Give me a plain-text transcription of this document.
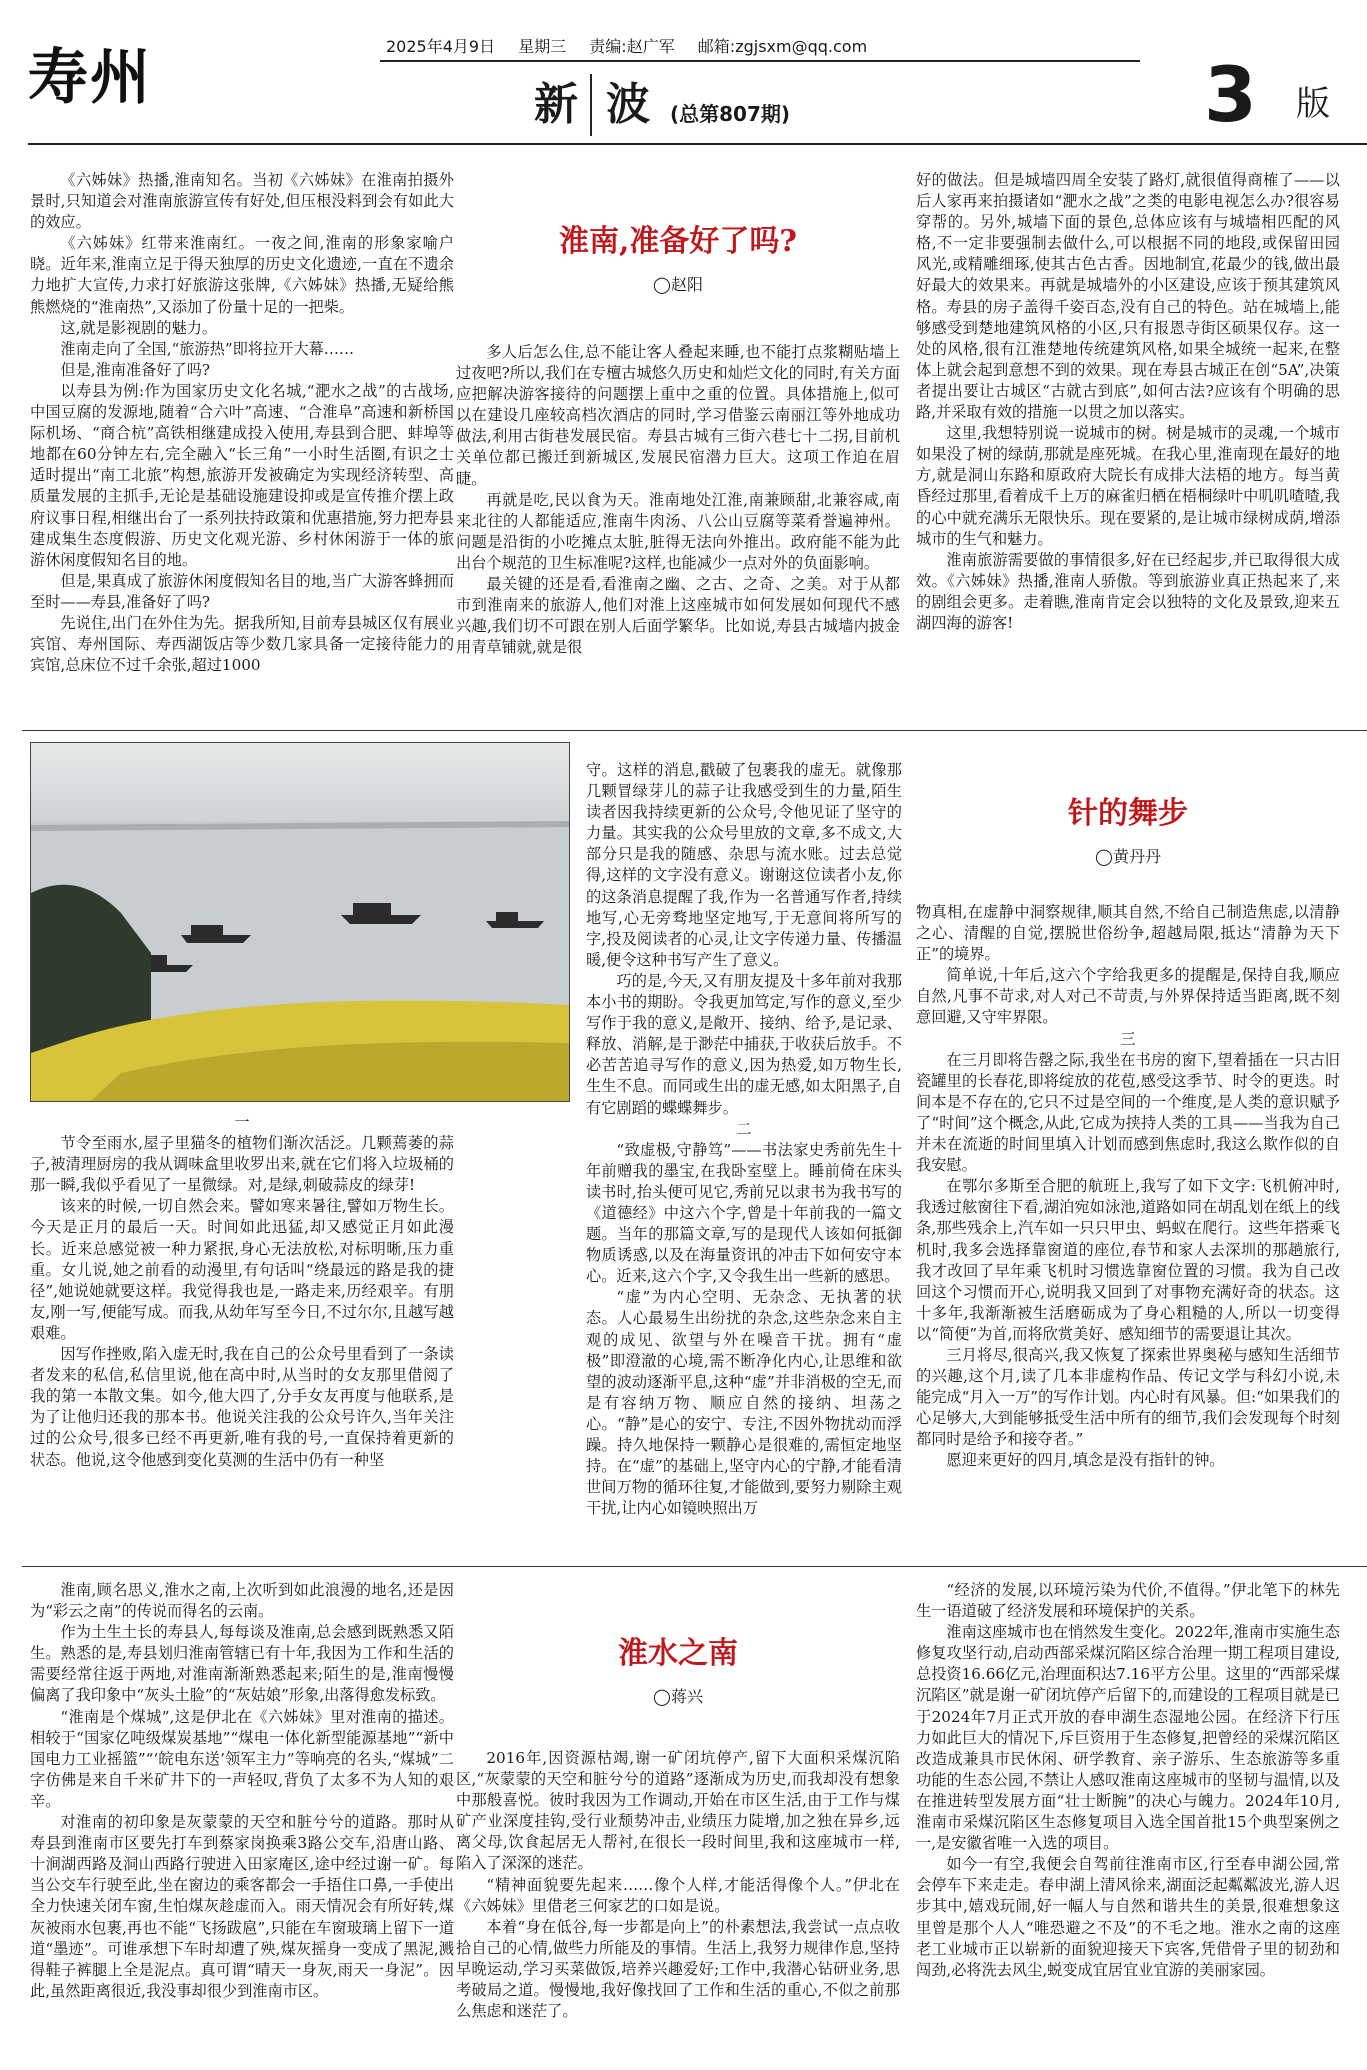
寿州	2025年4月9日 星期三 责编:赵广军 邮箱:zgjsxm@qq.com
新 波 (总第807期)	3 版

《六姊妹》热播,淮南知名。当初《六姊妹》在淮南拍摄外景时,只知道会对淮南旅游宣传有好处,但压根没料到会有如此大的效应。

《六姊妹》红带来淮南红。一夜之间,淮南的形象家喻户晓。近年来,淮南立足于得天独厚的历史文化遗迹,一直在不遗余力地扩大宣传,力求打好旅游这张牌,《六姊妹》热播,无疑给熊熊燃烧的“淮南热”,又添加了份量十足的一把柴。

这,就是影视剧的魅力。

淮南走向了全国,“旅游热”即将拉开大幕……

但是,淮南准备好了吗?

以寿县为例:作为国家历史文化名城,“淝水之战”的古战场,中国豆腐的发源地,随着“合六叶”高速、“合淮阜”高速和新桥国际机场、“商合杭”高铁相继建成投入使用,寿县到合肥、蚌埠等地都在60分钟左右,完全融入“长三角”一小时生活圈,有识之士适时提出“南工北旅”构想,旅游开发被确定为实现经济转型、高质量发展的主抓手,无论是基础设施建设抑或是宣传推介摆上政府议事日程,相继出台了一系列扶持政策和优惠措施,努力把寿县建成集生态度假游、历史文化观光游、乡村休闲游于一体的旅游休闲度假知名目的地。

但是,果真成了旅游休闲度假知名目的地,当广大游客蜂拥而至时——寿县,准备好了吗?

先说住,出门在外住为先。据我所知,目前寿县城区仅有展业宾馆、寿州国际、寿西湖饭店等少数几家具备一定接待能力的宾馆,总床位不过千余张,超过1000

淮南,准备好了吗?
◯赵阳

多人后怎么住,总不能让客人叠起来睡,也不能打点浆糊贴墙上过夜吧?所以,我们在专檀古城悠久历史和灿烂文化的同时,有关方面应把解决游客接待的问题摆上重中之重的位置。具体措施上,似可以在建设几座较高档次酒店的同时,学习借鉴云南丽江等外地成功做法,利用古街巷发展民宿。寿县古城有三街六巷七十二拐,目前机关单位都已搬迁到新城区,发展民宿潜力巨大。这项工作迫在眉睫。

再就是吃,民以食为天。淮南地处江淮,南兼顾甜,北兼容咸,南来北往的人都能适应,淮南牛肉汤、八公山豆腐等菜肴誉遍神州。问题是沿街的小吃摊点太脏,脏得无法向外推出。政府能不能为此出台个规范的卫生标准呢?这样,也能减少一点对外的负面影响。

最关键的还是看,看淮南之幽、之古、之奇、之美。对于从都市到淮南来的旅游人,他们对淮上这座城市如何发展如何现代不感兴趣,我们切不可跟在别人后面学繁华。比如说,寿县古城墙内披金用青草铺就,就是很

好的做法。但是城墙四周全安装了路灯,就很值得商榷了——以后人家再来拍摄诸如“淝水之战”之类的电影电视怎么办?很容易穿帮的。另外,城墙下面的景色,总体应该有与城墙相匹配的风格,不一定非要强制去做什么,可以根据不同的地段,或保留田园风光,或精雕细琢,使其古色古香。因地制宜,花最少的钱,做出最好最大的效果来。再就是城墙外的小区建设,应该于预其建筑风格。寿县的房子盖得千姿百态,没有自己的特色。站在城墙上,能够感受到楚地建筑风格的小区,只有报恩寺街区硕果仅存。这一处的风格,很有江淮楚地传统建筑风格,如果全城统一起来,在整体上就会起到意想不到的效果。现在寿县古城正在创“5A”,决策者提出要让古城区“古就古到底”,如何古法?应该有个明确的思路,并采取有效的措施一以贯之加以落实。

这里,我想特别说一说城市的树。树是城市的灵魂,一个城市如果没了树的绿荫,那就是座死城。在我心里,淮南现在最好的地方,就是洞山东路和原政府大院长有成排大法梧的地方。每当黄昏经过那里,看着成千上万的麻雀归栖在梧桐绿叶中叽叽喳喳,我的心中就充满乐无限快乐。现在要紧的,是让城市绿树成荫,增添城市的生气和魅力。

淮南旅游需要做的事情很多,好在已经起步,并已取得很大成效。《六姊妹》热播,淮南人骄傲。等到旅游业真正热起来了,来的剧组会更多。走着瞧,淮南肯定会以独特的文化及景致,迎来五湖四海的游客!

一

节令至雨水,屋子里猫冬的植物们渐次活泛。几颗蔫萎的蒜子,被清理厨房的我从调味盒里收罗出来,就在它们将入垃圾桶的那一瞬,我似乎看见了一星微绿。对,是绿,刺破蒜皮的绿芽!

该来的时候,一切自然会来。譬如寒来暑往,譬如万物生长。今天是正月的最后一天。时间如此迅猛,却又感觉正月如此漫长。近来总感觉被一种力紧抿,身心无法放松,对标明晰,压力重重。女儿说,她之前看的动漫里,有句话叫“绕最远的路是我的捷径”,她说她就要这样。我觉得我也是,一路走来,历经艰辛。有朋友,刚一写,便能写成。而我,从幼年写至今日,不过尔尔,且越写越艰难。

因写作挫败,陷入虚无时,我在自己的公众号里看到了一条读者发来的私信,私信里说,他在高中时,从当时的女友那里借阅了我的第一本散文集。如今,他大四了,分手女友再度与他联系,是为了让他归还我的那本书。他说关注我的公众号许久,当年关注过的公众号,很多已经不再更新,唯有我的号,一直保持着更新的状态。他说,这令他感到变化莫测的生活中仍有一种坚

守。这样的消息,戳破了包裹我的虚无。就像那几颗冒绿芽儿的蒜子让我感受到生的力量,陌生读者因我持续更新的公众号,令他见证了坚守的力量。其实我的公众号里放的文章,多不成文,大部分只是我的随感、杂思与流水账。过去总觉得,这样的文字没有意义。谢谢这位读者小友,你的这条消息提醒了我,作为一名普通写作者,持续地写,心无旁骛地坚定地写,于无意间将所写的字,投及阅读者的心灵,让文字传递力量、传播温暖,便令这种书写产生了意义。

巧的是,今天,又有朋友提及十多年前对我那本小书的期盼。令我更加笃定,写作的意义,至少写作于我的意义,是敞开、接纳、给予,是记录、释放、消解,是于渺茫中捕获,于收获后放手。不必苦苦追寻写作的意义,因为热爱,如万物生长,生生不息。而同或生出的虚无感,如太阳黑子,自有它剧蹈的蝶蝶舞步。

二

“致虚极,守静笃”——书法家史秀前先生十年前赠我的墨宝,在我卧室壁上。睡前倚在床头读书时,抬头便可见它,秀前兄以隶书为我书写的《道德经》中这六个字,曾是十年前我的一篇文题。当年的那篇文章,写的是现代人该如何抵御物质诱惑,以及在海量资讯的冲击下如何安守本心。近来,这六个字,又令我生出一些新的感思。

“虚”为内心空明、无杂念、无执著的状态。人心最易生出纷扰的杂念,这些杂念来自主观的成见、欲望与外在噪音干扰。拥有“虚极”即澄澈的心境,需不断净化内心,让思维和欲望的波动逐渐平息,这种“虚”并非消极的空无,而是有容纳万物、顺应自然的接纳、坦荡之心。“静”是心的安宁、专注,不因外物扰动而浮躁。持久地保持一颗静心是很难的,需恒定地坚持。在“虚”的基础上,坚守内心的宁静,才能看清世间万物的循环往复,才能做到,要努力剔除主观干扰,让内心如镜映照出万

针的舞步
◯黄丹丹

物真相,在虚静中洞察规律,顺其自然,不给自己制造焦虑,以清静之心、清醒的自觉,摆脱世俗纷争,超越局限,抵达“清静为天下正”的境界。

简单说,十年后,这六个字给我更多的提醒是,保持自我,顺应自然,凡事不苛求,对人对己不苛责,与外界保持适当距离,既不刻意回避,又守牢界限。

三

在三月即将告罄之际,我坐在书房的窗下,望着插在一只古旧瓷罐里的长春花,即将绽放的花苞,感受这季节、时令的更迭。时间本是不存在的,它只不过是空间的一个维度,是人类的意识赋予了“时间”这个概念,从此,它成为挟持人类的工具——当我为自己并未在流逝的时间里填入计划而感到焦虑时,我这么欺作似的自我安慰。

在鄂尔多斯至合肥的航班上,我写了如下文字:飞机俯冲时,我透过舷窗往下看,湖泊宛如泳池,道路如同在胡乱划在纸上的线条,那些残余上,汽车如一只只甲虫、蚂蚁在爬行。这些年搭乘飞机时,我多会选择靠窗道的座位,春节和家人去深圳的那趟旅行,我才改回了早年乘飞机时习惯选靠窗位置的习惯。我为自己改回这个习惯而开心,说明我又回到了对事物充满好奇的状态。这十多年,我渐渐被生活磨砺成为了身心粗糙的人,所以一切变得以“简便”为首,而将欣赏美好、感知细节的需要退让其次。

三月将尽,很高兴,我又恢复了探索世界奥秘与感知生活细节的兴趣,这个月,读了几本非虚构作品、传记文学与科幻小说,未能完成“月入一万”的写作计划。内心时有风暴。但:“如果我们的心足够大,大到能够抵受生活中所有的细节,我们会发现每个时刻都同时是给予和接夺者。”

愿迎来更好的四月,填念是没有指针的钟。

淮南,顾名思义,淮水之南,上次听到如此浪漫的地名,还是因为“彩云之南”的传说而得名的云南。

作为土生土长的寿县人,每每谈及淮南,总会感到既熟悉又陌生。熟悉的是,寿县划归淮南管辖已有十年,我因为工作和生活的需要经常往返于两地,对淮南渐渐熟悉起来;陌生的是,淮南慢慢偏离了我印象中“灰头土脸”的“灰姑娘”形象,出落得愈发标致。

“淮南是个煤城”,这是伊北在《六姊妹》里对淮南的描述。相较于“国家亿吨级煤炭基地”“煤电一体化新型能源基地”“新中国电力工业摇篮”“‘皖电东送’领军主力”等响亮的名头,“煤城”二字仿佛是来自千米矿井下的一声轻叹,背负了太多不为人知的艰辛。

对淮南的初印象是灰蒙蒙的天空和脏兮兮的道路。那时从寿县到淮南市区要先打车到蔡家岗换乘3路公交车,沿唐山路、十涧湖西路及洞山西路行驶进入田家庵区,途中经过谢一矿。每当公交车行驶至此,坐在窗边的乘客都会一手捂住口鼻,一手使出全力快速关闭车窗,生怕煤灰趁虚而入。雨天情况会有所好转,煤灰被雨水包裹,再也不能“飞扬跋扈”,只能在车窗玻璃上留下一道道“墨迹”。可谁承想下车时却遭了殃,煤灰摇身一变成了黑泥,溅得鞋子裤腿上全是泥点。真可谓“晴天一身灰,雨天一身泥”。因此,虽然距离很近,我没事却很少到淮南市区。

淮水之南
◯蒋兴

2016年,因资源枯竭,谢一矿闭坑停产,留下大面积采煤沉陷区,“灰蒙蒙的天空和脏兮兮的道路”逐渐成为历史,而我却没有想象中那般喜悦。彼时我因为工作调动,开始在市区生活,由于工作与煤矿产业深度挂钩,受行业颓势冲击,业绩压力陡增,加之独在异乡,远离父母,饮食起居无人帮衬,在很长一段时间里,我和这座城市一样,陷入了深深的迷茫。

“精神面貌要先起来……像个人样,才能活得像个人。”伊北在《六姊妹》里借老三何家艺的口如是说。

本着“身在低谷,每一步都是向上”的朴素想法,我尝试一点点收拾自己的心情,做些力所能及的事情。生活上,我努力规律作息,坚持早晚运动,学习买菜做饭,培养兴趣爱好;工作中,我潜心钻研业务,思考破局之道。慢慢地,我好像找回了工作和生活的重心,不似之前那么焦虑和迷茫了。

“经济的发展,以环境污染为代价,不值得。”伊北笔下的林先生一语道破了经济发展和环境保护的关系。

淮南这座城市也在悄然发生变化。2022年,淮南市实施生态修复攻坚行动,启动西部采煤沉陷区综合治理一期工程项目建设,总投资16.66亿元,治理面积达7.16平方公里。这里的“西部采煤沉陷区”就是谢一矿闭坑停产后留下的,而建设的工程项目就是已于2024年7月正式开放的春申湖生态湿地公园。在经济下行压力如此巨大的情况下,斥巨资用于生态修复,把曾经的采煤沉陷区改造成兼具市民休闲、研学教育、亲子游乐、生态旅游等多重功能的生态公园,不禁让人感叹淮南这座城市的坚韧与温情,以及在推进转型发展方面“壮士断腕”的决心与魄力。2024年10月,淮南市采煤沉陷区生态修复项目入选全国首批15个典型案例之一,是安徽省唯一入选的项目。

如今一有空,我便会自驾前往淮南市区,行至春申湖公园,常会停车下来走走。春申湖上清风徐来,湖面泛起粼粼波光,游人迟步其中,嬉戏玩闹,好一幅人与自然和谐共生的美景,很难想象这里曾是那个人人“唯恐避之不及”的不毛之地。淮水之南的这座老工业城市正以崭新的面貌迎接天下宾客,凭借骨子里的韧劲和闯劲,必将洗去风尘,蜕变成宜居宜业宜游的美丽家园。
